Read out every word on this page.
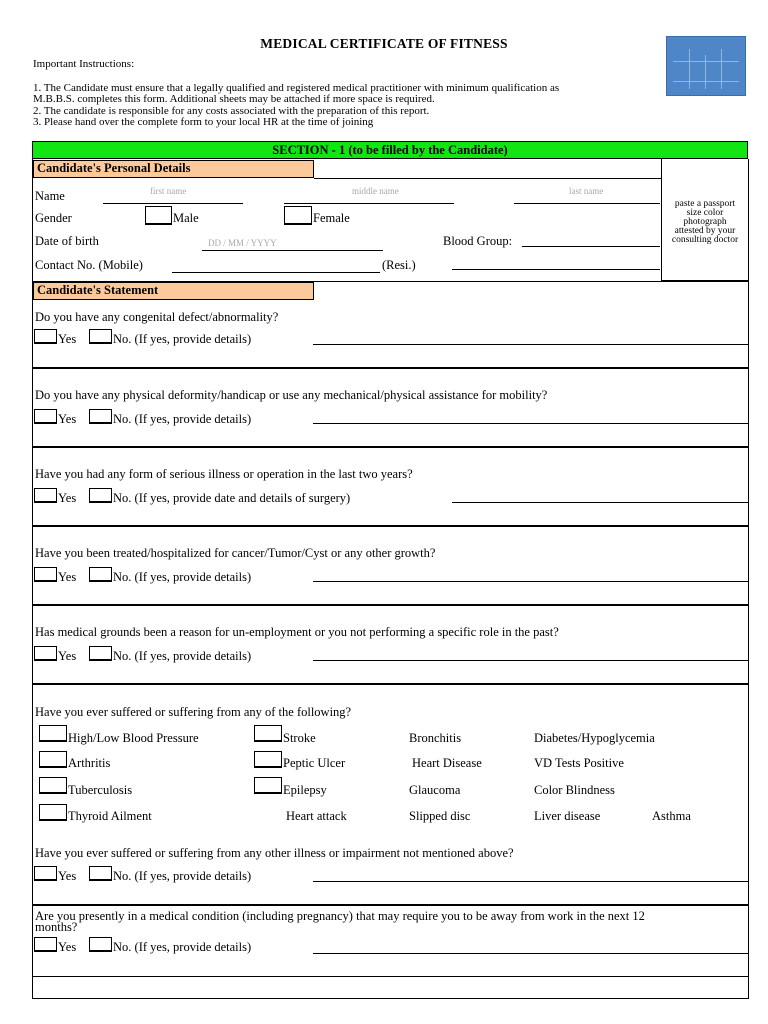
MEDICAL CERTIFICATE OF FITNESS
Important Instructions:
1. The Candidate must ensure that a legally qualified and registered medical practitioner with minimum qualification as
M.B.B.S. completes this form. Additional sheets may be attached if more space is required.
2. The candidate is responsible for any costs associated with the preparation of this report.
3. Please hand over the complete form to your local HR at the time of joining
SECTION - 1 (to be filled by the Candidate)
Candidate's Personal Details
paste a passport
size color
photograph
attested by your
consulting doctor
Name	first name	middle name	last name
Gender	Male	Female
Date of birth	DD / MM / YYYY	Blood Group:
Contact No. (Mobile)	(Resi.)
Candidate's Statement
Do you have any congenital defect/abnormality?
Yes	No. (If yes, provide details)
Do you have any physical deformity/handicap or use any mechanical/physical assistance for mobility?
Yes	No. (If yes, provide details)
Have you had any form of serious illness or operation in the last two years?
Yes	No. (If yes, provide date and details of surgery)
Have you been treated/hospitalized for cancer/Tumor/Cyst or any other growth?
Yes	No. (If yes, provide details)
Has medical grounds been a reason for un-employment or you not performing a specific role in the past?
Yes	No. (If yes, provide details)
Have you ever suffered or suffering from any of the following?
High/Low Blood Pressure	Stroke	Bronchitis	Diabetes/Hypoglycemia
Arthritis	Peptic Ulcer	Heart Disease	VD Tests Positive
Tuberculosis	Epilepsy	Glaucoma	Color Blindness
Thyroid Ailment	Heart attack	Slipped disc	Liver disease	Asthma
Have you ever suffered or suffering from any other illness or impairment not mentioned above?
Yes	No. (If yes, provide details)
Are you presently in a medical condition (including pregnancy) that may require you to be away from work in the next 12
months?
Yes	No. (If yes, provide details)
